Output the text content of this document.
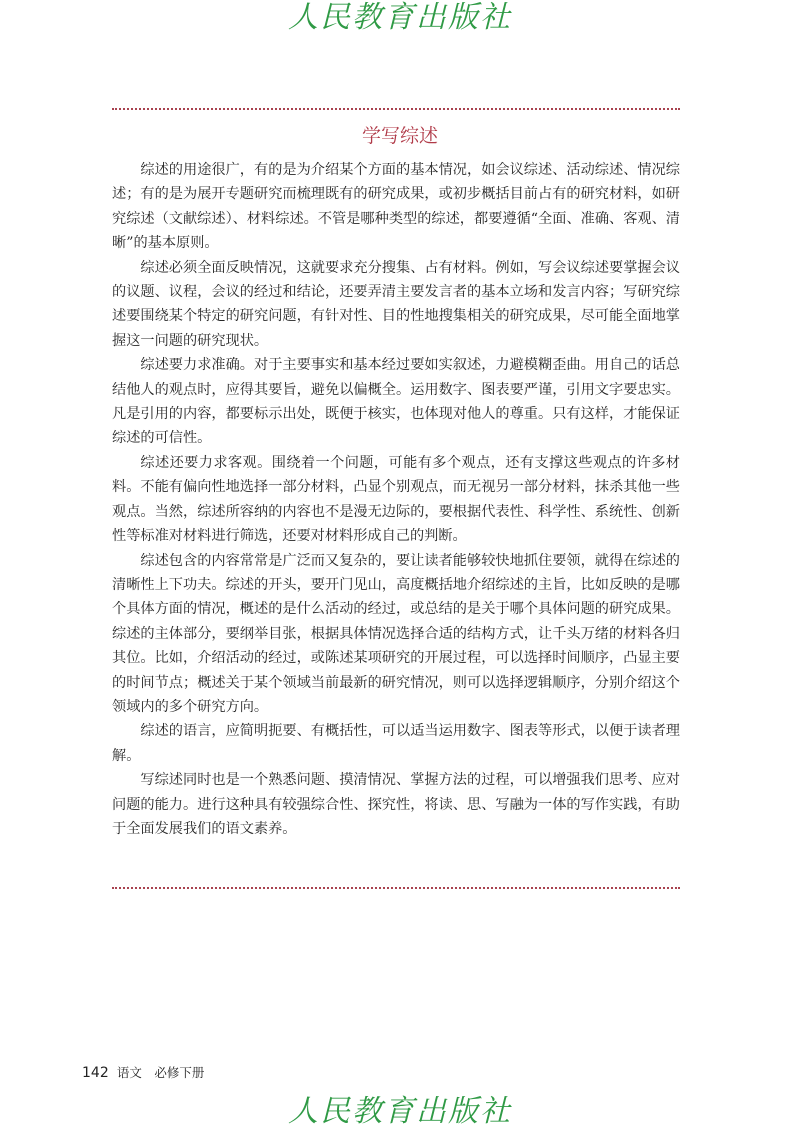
人民教育出版社
学写综述

综述的用途很广，有的是为介绍某个方面的基本情况，如会议综述、活动综述、情况综述；有的是为展开专题研究而梳理既有的研究成果，或初步概括目前占有的研究材料，如研究综述（文献综述）、材料综述。不管是哪种类型的综述，都要遵循“全面、准确、客观、清晰”的基本原则。

综述必须全面反映情况，这就要求充分搜集、占有材料。例如，写会议综述要掌握会议的议题、议程，会议的经过和结论，还要弄清主要发言者的基本立场和发言内容；写研究综述要围绕某个特定的研究问题，有针对性、目的性地搜集相关的研究成果，尽可能全面地掌握这一问题的研究现状。

综述要力求准确。对于主要事实和基本经过要如实叙述，力避模糊歪曲。用自己的话总结他人的观点时，应得其要旨，避免以偏概全。运用数字、图表要严谨，引用文字要忠实。凡是引用的内容，都要标示出处，既便于核实，也体现对他人的尊重。只有这样，才能保证综述的可信性。

综述还要力求客观。围绕着一个问题，可能有多个观点，还有支撑这些观点的许多材料。不能有偏向性地选择一部分材料，凸显个别观点，而无视另一部分材料，抹杀其他一些观点。当然，综述所容纳的内容也不是漫无边际的，要根据代表性、科学性、系统性、创新性等标准对材料进行筛选，还要对材料形成自己的判断。

综述包含的内容常常是广泛而又复杂的，要让读者能够较快地抓住要领，就得在综述的清晰性上下功夫。综述的开头，要开门见山，高度概括地介绍综述的主旨，比如反映的是哪个具体方面的情况，概述的是什么活动的经过，或总结的是关于哪个具体问题的研究成果。综述的主体部分，要纲举目张，根据具体情况选择合适的结构方式，让千头万绪的材料各归其位。比如，介绍活动的经过，或陈述某项研究的开展过程，可以选择时间顺序，凸显主要的时间节点；概述关于某个领域当前最新的研究情况，则可以选择逻辑顺序，分别介绍这个领域内的多个研究方向。

综述的语言，应简明扼要、有概括性，可以适当运用数字、图表等形式，以便于读者理解。

写综述同时也是一个熟悉问题、摸清情况、掌握方法的过程，可以增强我们思考、应对问题的能力。进行这种具有较强综合性、探究性，将读、思、写融为一体的写作实践，有助于全面发展我们的语文素养。

142 语文　必修下册
人民教育出版社
